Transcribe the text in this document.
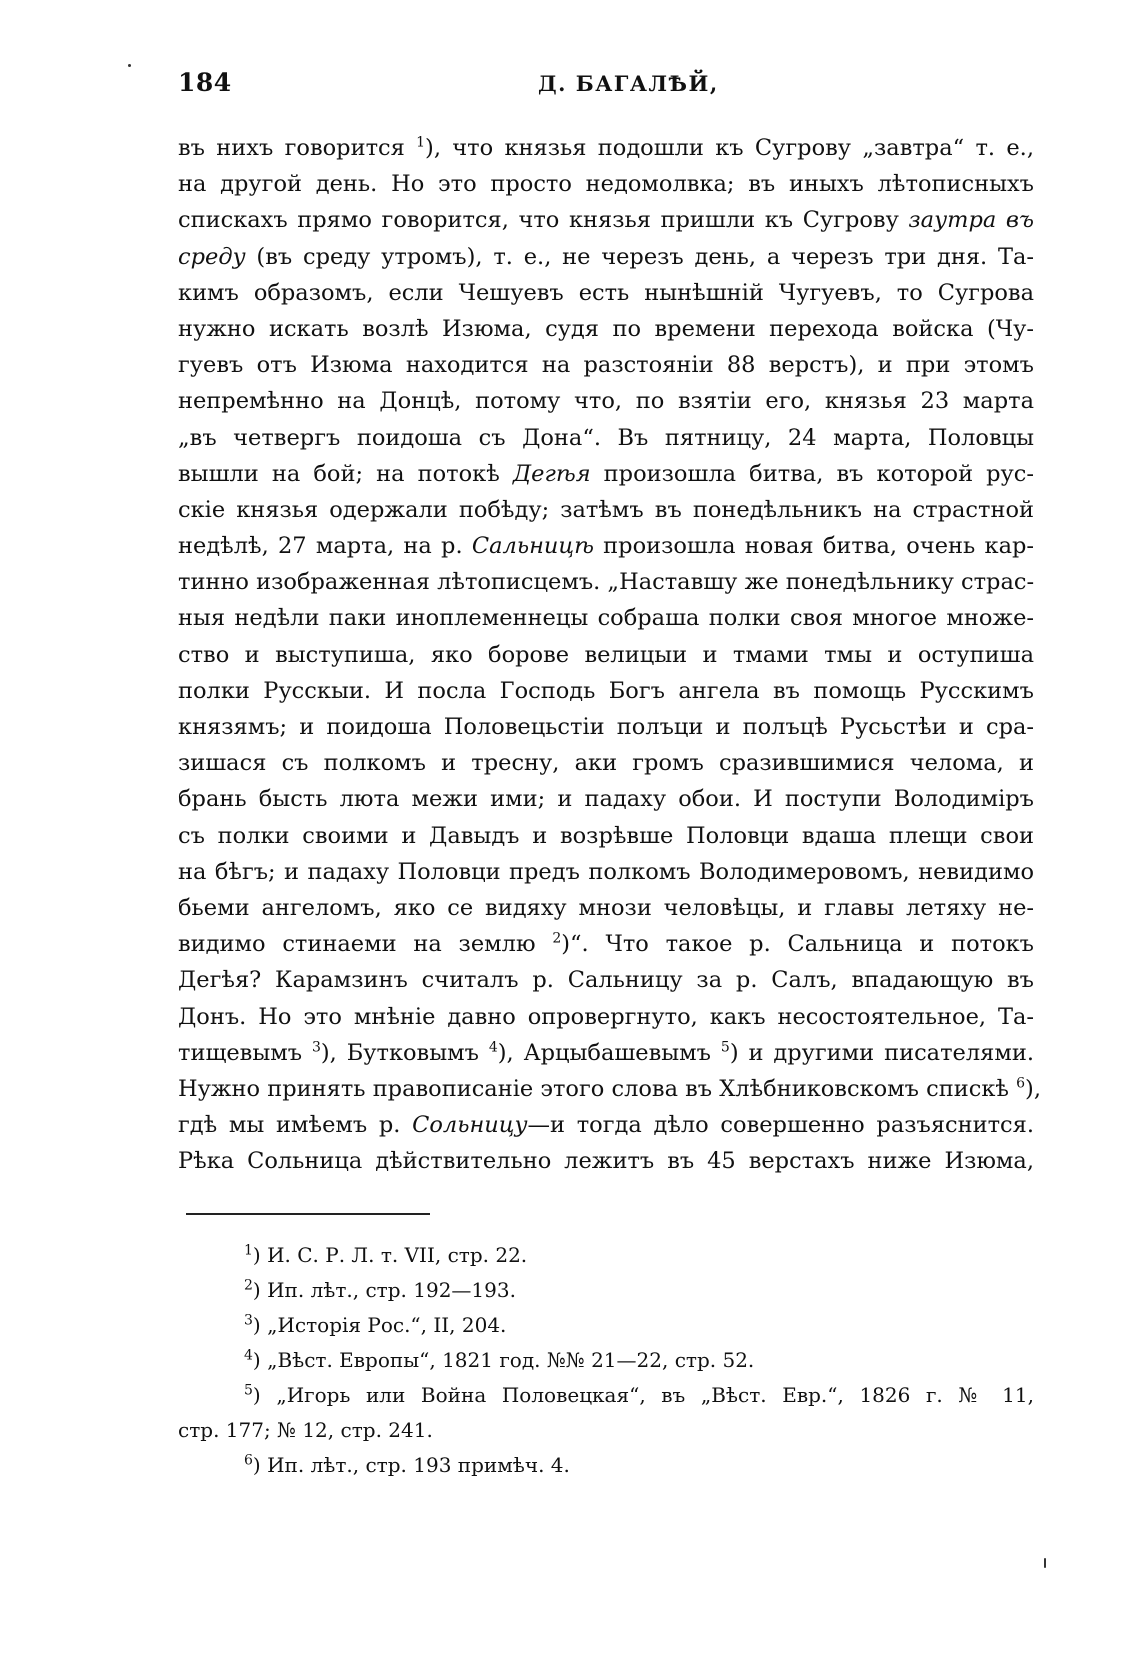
184	Д. БАГАЛѢЙ,
въ нихъ говорится $^1$), что князья подошли къ Сугрову „завтра“ т. е.,
на другой день. Но это просто недомолвка; въ иныхъ лѣтописныхъ
спискахъ прямо говорится, что князья пришли къ Сугрову заутра въ
среду (въ среду утромъ), т. е., не черезъ день, а черезъ три дня. Та-
кимъ образомъ, если Чешуевъ есть нынѣшній Чугуевъ, то Сугрова
нужно искать возлѣ Изюма, судя по времени перехода войска (Чу-
гуевъ отъ Изюма находится на разстояніи 88 верстъ), и при этомъ
непремѣнно на Донцѣ, потому что, по взятіи его, князья 23 марта
„въ четвергъ поидоша съ Дона“. Въ пятницу, 24 марта, Половцы
вышли на бой; на потокѣ Дегѣя произошла битва, въ которой рус-
скіе князья одержали побѣду; затѣмъ въ понедѣльникъ на страстной
недѣлѣ, 27 марта, на р. Сальницѣ произошла новая битва, очень кар-
тинно изображенная лѣтописцемъ. „Наставшу же понедѣльнику страс-
ныя недѣли паки иноплеменнецы собраша полки своя многое множе-
ство и выступиша, яко борове велицыи и тмами тмы и оступиша
полки Русскыи. И посла Господь Богъ ангела въ помощь Русскимъ
князямъ; и поидоша Половецьстіи полъци и полъцѣ Русьстѣи и сра-
зишася съ полкомъ и тресну, аки громъ сразившимися челома, и
брань бысть люта межи ими; и падаху обои. И поступи Володиміръ
съ полки своими и Давыдъ и возрѣвше Половци вдаша плещи свои
на бѣгъ; и падаху Половци предъ полкомъ Володимеровомъ, невидимо
бьеми ангеломъ, яко се видяху мнози человѣцы, и главы летяху не-
видимо стинаеми на землю $^2$)“. Что такое р. Сальница и потокъ
Дегѣя? Карамзинъ считалъ р. Сальницу за р. Салъ, впадающую въ
Донъ. Но это мнѣніе давно опровергнуто, какъ несостоятельное, Та-
тищевымъ $^3$), Бутковымъ $^4$), Арцыбашевымъ $^5$) и другими писателями.
Нужно принять правописаніе этого слова въ Хлѣбниковскомъ спискѣ $^6$),
гдѣ мы имѣемъ р. Сольницу—и тогда дѣло совершенно разъяснится.
Рѣка Сольница дѣйствительно лежитъ въ 45 верстахъ ниже Изюма,
$^1$) И. С. Р. Л. т. VII, стр. 22.
$^2$) Ип. лѣт., стр. 192—193.
$^3$) „Исторія Рос.“, II, 204.
$^4$) „Вѣст. Европы“, 1821 год. №№ 21—22, стр. 52.
$^5$) „Игорь или Война Половецкая“, въ „Вѣст. Евр.“, 1826 г. № 11,
стр. 177; № 12, стр. 241.
$^6$) Ип. лѣт., стр. 193 примѣч. 4.
